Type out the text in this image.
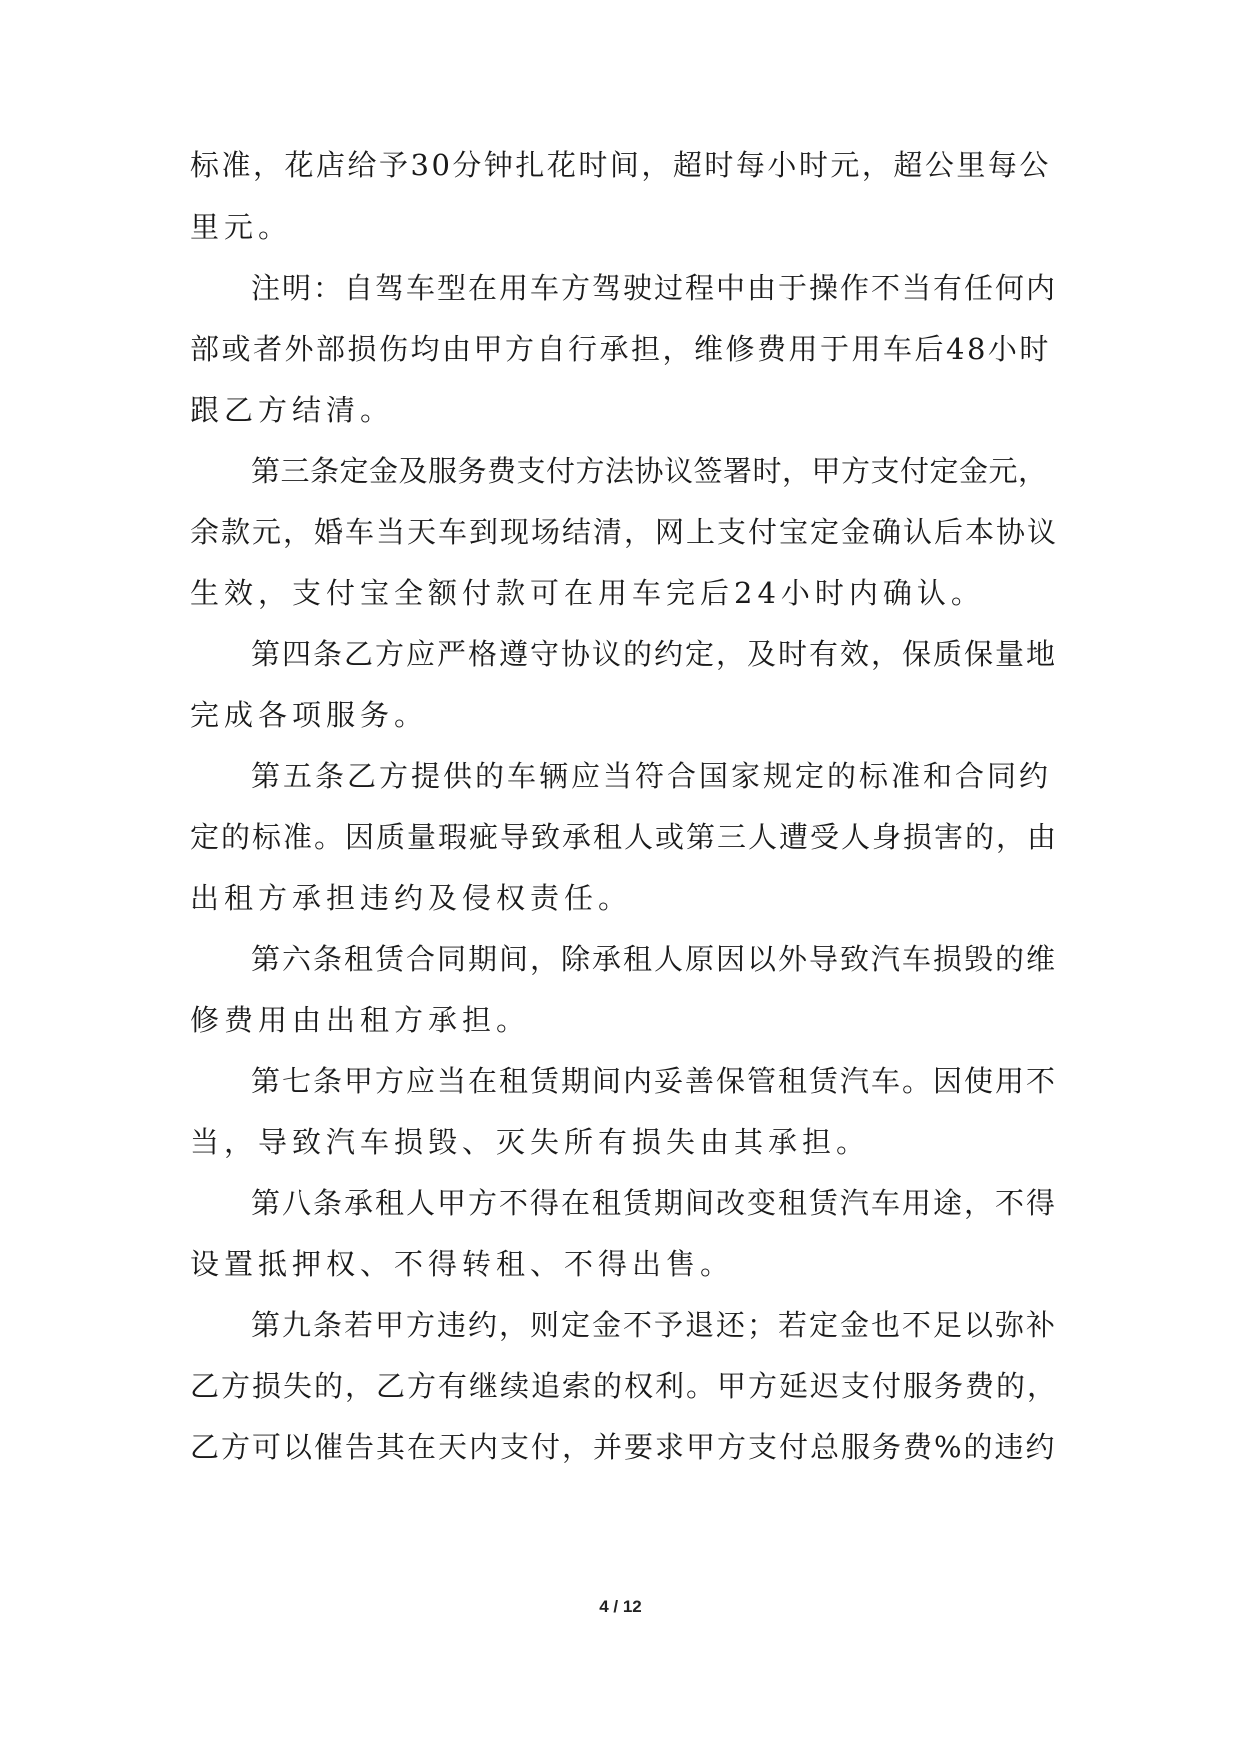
标准，花店给予30分钟扎花时间，超时每小时元，超公里每公
里元。
注明：自驾车型在用车方驾驶过程中由于操作不当有任何内
部或者外部损伤均由甲方自行承担，维修费用于用车后48小时
跟乙方结清。
第三条定金及服务费支付方法协议签署时，甲方支付定金元，
余款元，婚车当天车到现场结清，网上支付宝定金确认后本协议
生效，支付宝全额付款可在用车完后24小时内确认。
第四条乙方应严格遵守协议的约定，及时有效，保质保量地
完成各项服务。
第五条乙方提供的车辆应当符合国家规定的标准和合同约
定的标准。因质量瑕疵导致承租人或第三人遭受人身损害的，由
出租方承担违约及侵权责任。
第六条租赁合同期间，除承租人原因以外导致汽车损毁的维
修费用由出租方承担。
第七条甲方应当在租赁期间内妥善保管租赁汽车。因使用不
当，导致汽车损毁、灭失所有损失由其承担。
第八条承租人甲方不得在租赁期间改变租赁汽车用途，不得
设置抵押权、不得转租、不得出售。
第九条若甲方违约，则定金不予退还；若定金也不足以弥补
乙方损失的，乙方有继续追索的权利。甲方延迟支付服务费的，
乙方可以催告其在天内支付，并要求甲方支付总服务费%的违约
4 / 12
